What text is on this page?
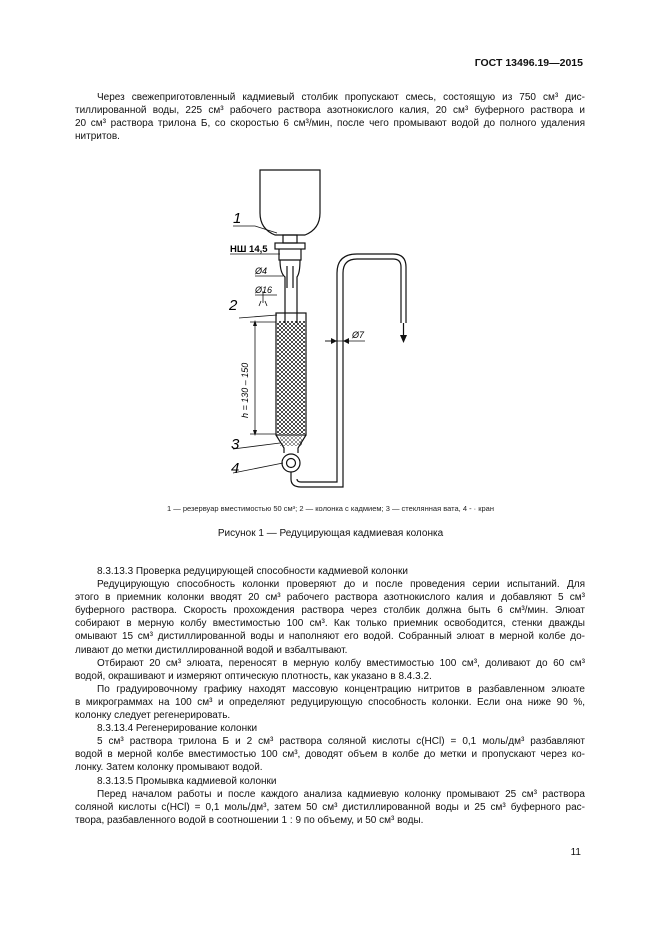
ГОСТ 13496.19—2015
Через свежеприготовленный кадмиевый столбик пропускают смесь, состоящую из 750 см³ дис-
тиллированной воды, 225 см³ рабочего раствора азотнокислого калия, 20 см³ буферного раствора и
20 см³ раствора трилона Б, со скоростью 6 см³/мин, после чего промывают водой до полного удаления
нитритов.
1
НШ 14,5
Ø4
Ø16
2
Ø7
h = 130 – 150
3
4
1 — резервуар вместимостью 50 см³; 2 — колонка с кадмием; 3 — стеклянная вата, 4 - · кран
Рисунок 1 — Редуцирующая кадмиевая колонка
8.3.13.3 Проверка редуцирующей способности кадмиевой колонки
Редуцирующую способность колонки проверяют до и после проведения серии испытаний. Для
этого в приемник колонки вводят 20 см³ рабочего раствора азотнокислого калия и добавляют 5 см³
буферного раствора. Скорость прохождения раствора через столбик должна быть 6 см³/мин. Элюат
собирают в мерную колбу вместимостью 100 см³. Как только приемник освободится, стенки дважды
омывают 15 см³ дистиллированной воды и наполняют его водой. Собранный элюат в мерной колбе до-
ливают до метки дистиллированной водой и взбалтывают.
Отбирают 20 см³ элюата, переносят в мерную колбу вместимостью 100 см³, доливают до 60 см³
водой, окрашивают и измеряют оптическую плотность, как указано в 8.4.3.2.
По градуировочному графику находят массовую концентрацию нитритов в разбавленном элюате
в микрограммах на 100 см³ и определяют редуцирующую способность колонки. Если она ниже 90 %,
колонку следует регенерировать.
8.3.13.4 Регенерирование колонки
5 см³ раствора трилона Б и 2 см³ раствора соляной кислоты c(HCl) = 0,1 моль/дм³ разбавляют
водой в мерной колбе вместимостью 100 см³, доводят объем в колбе до метки и пропускают через ко-
лонку. Затем колонку промывают водой.
8.3.13.5 Промывка кадмиевой колонки
Перед началом работы и после каждого анализа кадмиевую колонку промывают 25 см³ раствора
соляной кислоты c(HCl) = 0,1 моль/дм³, затем 50 см³ дистиллированной воды и 25 см³ буферного рас-
твора, разбавленного водой в соотношении 1 : 9 по объему, и 50 см³ воды.
11
